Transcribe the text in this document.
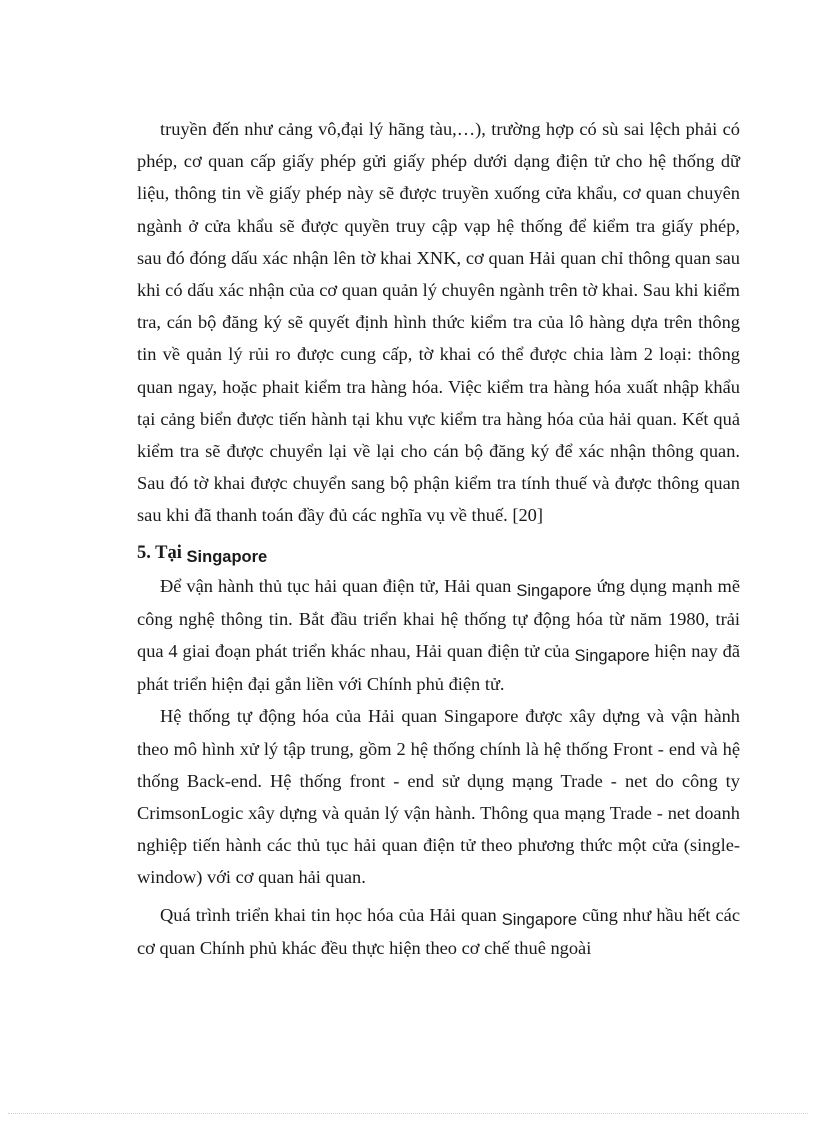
truyền đến như cảng vô,đại lý hãng tàu,…), trường hợp có sù sai lệch phải có phép, cơ quan cấp giấy phép gửi giấy phép dưới dạng điện tử cho hệ thống dữ liệu, thông tin về giấy phép này sẽ được truyền xuống cửa khẩu, cơ quan chuyên ngành ở cửa khẩu sẽ được quyền truy cập vạp hệ thống để kiểm tra giấy phép, sau đó đóng dấu xác nhận lên tờ khai XNK, cơ quan Hải quan chỉ thông quan sau khi có dấu xác nhận của cơ quan quản lý chuyên ngành trên tờ khai. Sau khi kiểm tra, cán bộ đăng ký sẽ quyết định hình thức kiểm tra của lô hàng dựa trên thông tin về quản lý rủi ro được cung cấp, tờ khai có thể được chia làm 2 loại: thông quan ngay, hoặc phait kiểm tra hàng hóa. Việc kiểm tra hàng hóa xuất nhập khẩu tại cảng biển được tiến hành tại khu vực kiểm tra hàng hóa của hải quan. Kết quả kiểm tra sẽ được chuyển lại về lại cho cán bộ đăng ký để xác nhận thông quan. Sau đó tờ khai được chuyển sang bộ phận kiểm tra tính thuế và được thông quan sau khi đã thanh toán đầy đủ các nghĩa vụ về thuế. [20]

5. Tại Singapore

Để vận hành thủ tục hải quan điện tử, Hải quan Singapore ứng dụng mạnh mẽ công nghệ thông tin. Bắt đầu triển khai hệ thống tự động hóa từ năm 1980, trải qua 4 giai đoạn phát triển khác nhau, Hải quan điện tử của Singapore hiện nay đã phát triển hiện đại gắn liền với Chính phủ điện tử.

Hệ thống tự động hóa của Hải quan Singapore được xây dựng và vận hành theo mô hình xử lý tập trung, gồm 2 hệ thống chính là hệ thống Front - end và hệ thống Back-end. Hệ thống front - end sử dụng mạng Trade - net do công ty CrimsonLogic xây dựng và quản lý vận hành. Thông qua mạng Trade - net doanh nghiệp tiến hành các thủ tục hải quan điện tử theo phương thức một cửa (single-window) với cơ quan hải quan.

Quá trình triển khai tin học hóa của Hải quan Singapore cũng như hầu hết các cơ quan Chính phủ khác đều thực hiện theo cơ chế thuê ngoài
